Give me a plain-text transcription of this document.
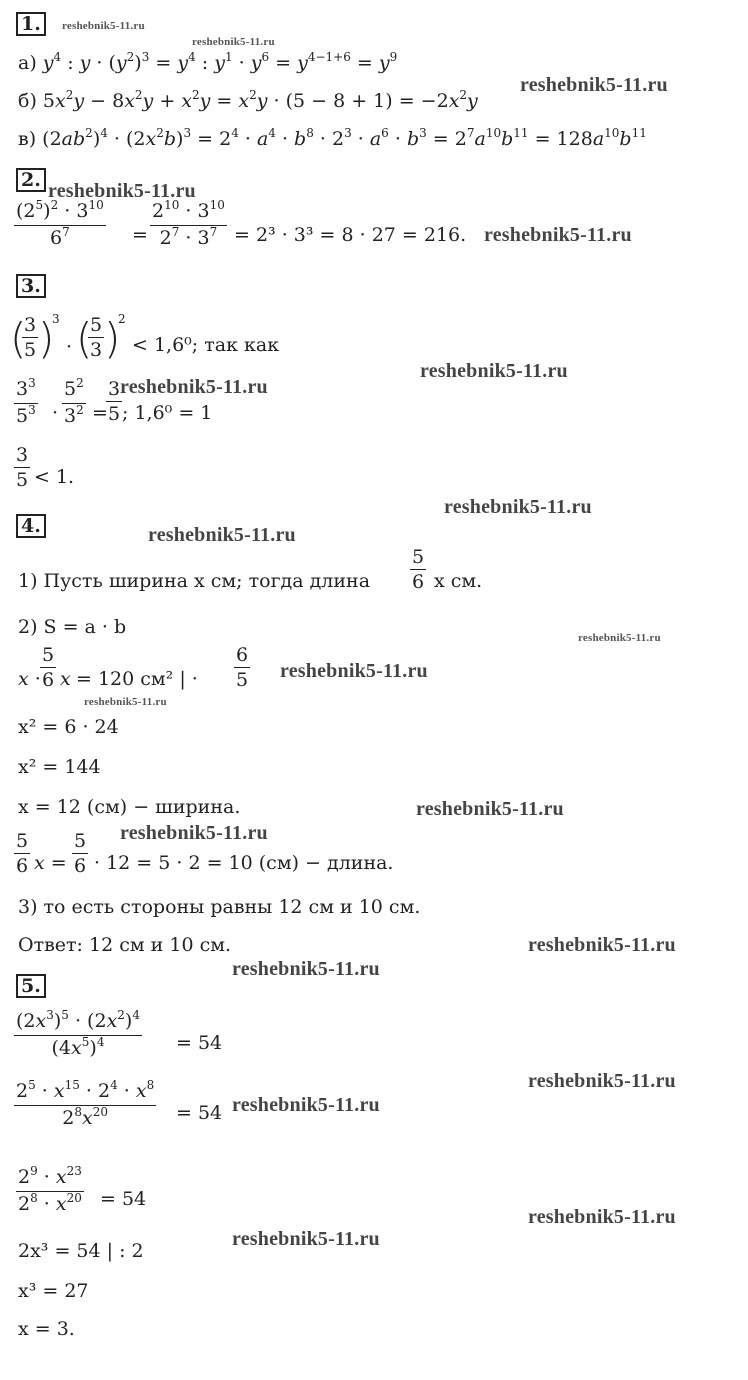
1.	reshebnik5-11.ru
reshebnik5-11.ru
а) $y^4$ : $y \cdot (y^2)^3 = y^4$ : $y^1 \cdot y^6 = y^{4-1+6} = y^9$
reshebnik5-11.ru
б) $5x^2y - 8x^2y + x^2y = x^2y \cdot (5 - 8 + 1) = -2x^2y$
в) $(2ab^2)^4 \cdot (2x^2b)^3 = 2^4 \cdot a^4 \cdot b^8 \cdot 2^3 \cdot a^6 \cdot b^3 = 2^7a^{10}b^{11} = 128a^{10}b^{11}$
2. reshebnik5-11.ru
$(2^5)^2 \cdot 3^{10}$
$6^7$	=
$2^{10} \cdot 3^{10}$
$2^7 \cdot 3^7 = 2^3 \cdot 3^3 = 8 \cdot 27 = 216$. reshebnik5-11.ru
3.
(
3
5 )
3
· (
5
3 )
2
< 1,6⁰; так как
reshebnik5-11.ru
reshebnik5-11.ru
$3^3$
$5^3$ ·
$5^2$
$3^2$ =
3
5 ; 1,6⁰ = 1
3
5 < 1.
reshebnik5-11.ru
4.	reshebnik5-11.ru
1) Пусть ширина x см; тогда длина
5
6 x см.
2) S = a · b	reshebnik5-11.ru
x ·
5
6 x = 120 см² | ·
6
5 reshebnik5-11.ru
reshebnik5-11.ru
x² = 6 · 24
x² = 144
x = 12 (см) − ширина.	reshebnik5-11.ru
reshebnik5-11.ru
5
6 x =
5
6 · 12 = 5 · 2 = 10 (см) − длина.
3) то есть стороны равны 12 см и 10 см.
Ответ: 12 см и 10 см.	reshebnik5-11.ru
reshebnik5-11.ru
5.
$(2x^3)^5 \cdot (2x^2)^4$
$(4x^5)^4$	= 54
reshebnik5-11.ru
$2^5 \cdot x^{15} \cdot 2^4 \cdot x^8$
$2^8x^{20}$	= 54 reshebnik5-11.ru
$2^9 \cdot x^{23}$
$2^8 \cdot x^{20} = 54$
reshebnik5-11.ru
2x³ = 54 | : 2
reshebnik5-11.ru
x³ = 27
x = 3.
